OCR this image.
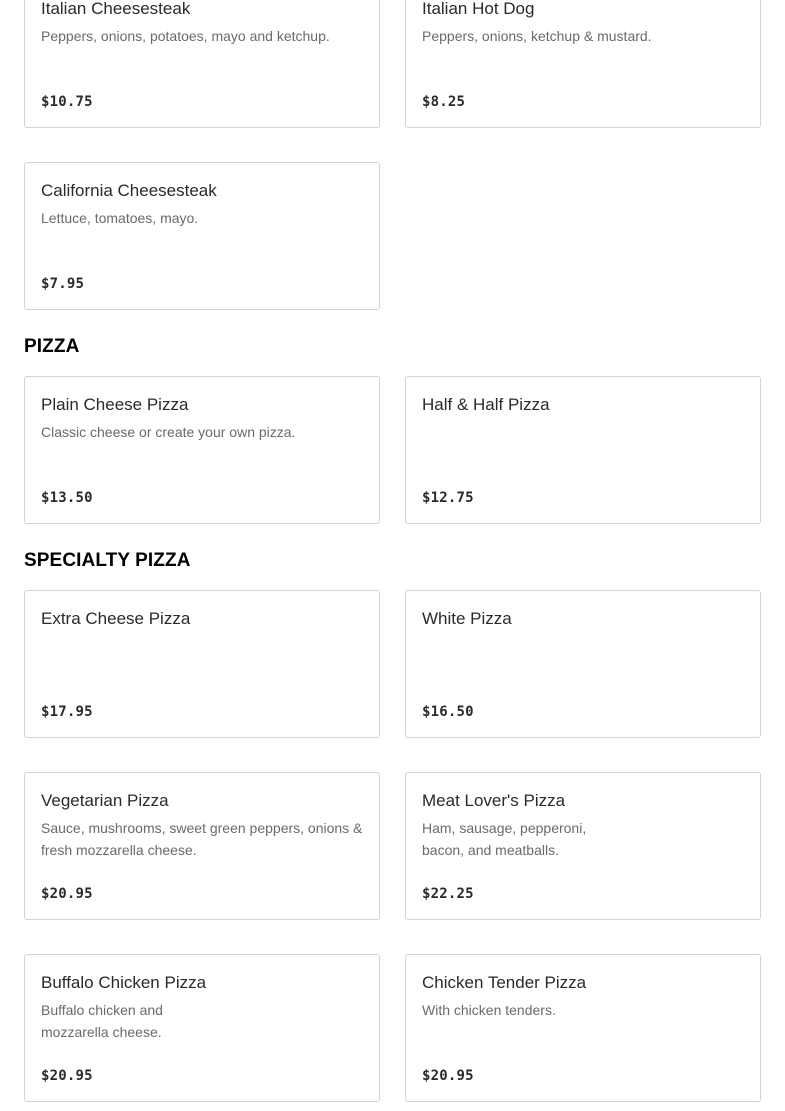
Italian Cheesesteak
Peppers, onions, potatoes, mayo and ketchup.
$10.75
Italian Hot Dog
Peppers, onions, ketchup & mustard.
$8.25
California Cheesesteak
Lettuce, tomatoes, mayo.
$7.95
PIZZA
Plain Cheese Pizza
Classic cheese or create your own pizza.
$13.50
Half & Half Pizza
$12.75
SPECIALTY PIZZA
Extra Cheese Pizza
$17.95
White Pizza
$16.50
Vegetarian Pizza
Sauce, mushrooms, sweet green peppers, onions & fresh mozzarella cheese.
$20.95
Meat Lover's Pizza
Ham, sausage, pepperoni, bacon, and meatballs.
$22.25
Buffalo Chicken Pizza
Buffalo chicken and mozzarella cheese.
$20.95
Chicken Tender Pizza
With chicken tenders.
$20.95
